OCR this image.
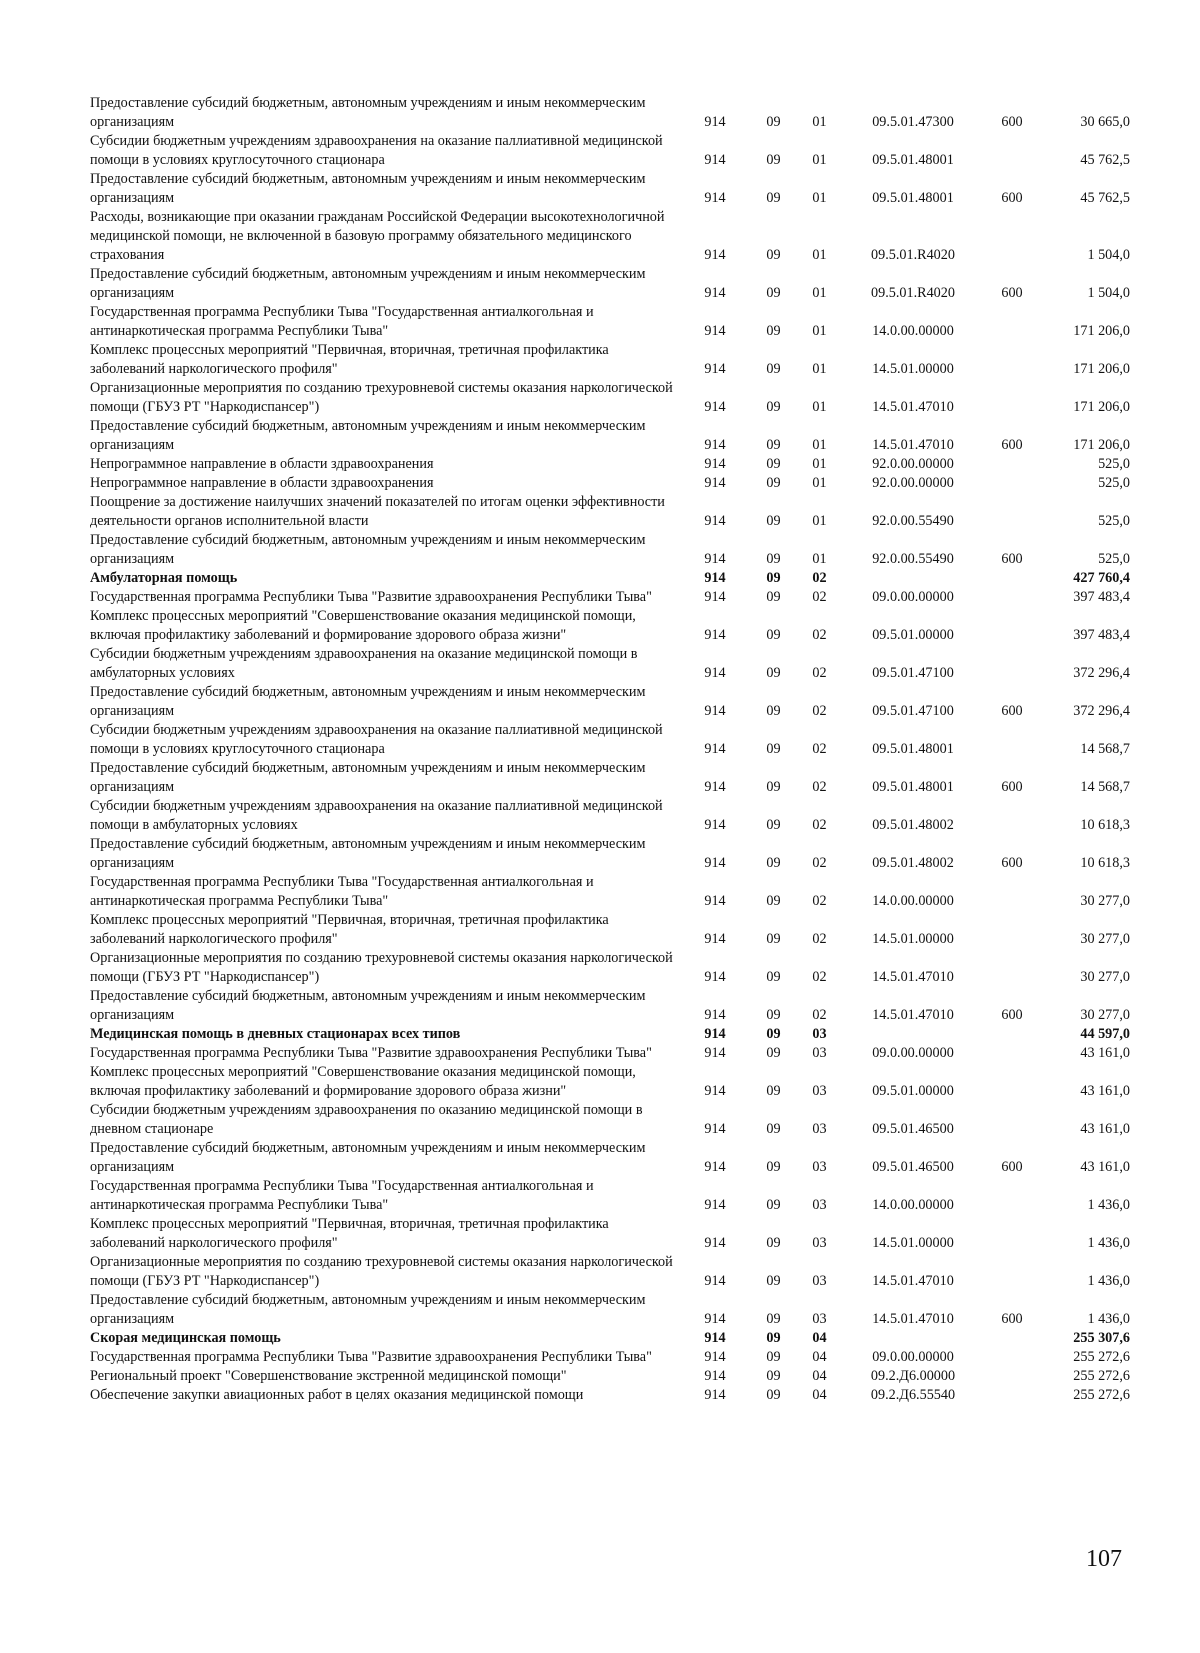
Предоставление субсидий бюджетным, автономным учреждениям и иным некоммерческим организациям	914	09	01	09.5.01.47300	600	30 665,0
Субсидии бюджетным учреждениям здравоохранения на оказание паллиативной медицинской помощи в условиях круглосуточного стационара	914	09	01	09.5.01.48001		45 762,5
Предоставление субсидий бюджетным, автономным учреждениям и иным некоммерческим организациям	914	09	01	09.5.01.48001	600	45 762,5
Расходы, возникающие при оказании гражданам Российской Федерации высокотехнологичной медицинской помощи, не включенной в базовую программу обязательного медицинского страхования	914	09	01	09.5.01.R4020		1 504,0
Предоставление субсидий бюджетным, автономным учреждениям и иным некоммерческим организациям	914	09	01	09.5.01.R4020	600	1 504,0
Государственная программа Республики Тыва "Государственная антиалкогольная и антинаркотическая программа Республики Тыва"	914	09	01	14.0.00.00000		171 206,0
Комплекс процессных мероприятий "Первичная, вторичная, третичная профилактика заболеваний наркологического профиля"	914	09	01	14.5.01.00000		171 206,0
Организационные мероприятия по созданию трехуровневой системы оказания наркологической помощи (ГБУЗ РТ "Наркодиспансер")	914	09	01	14.5.01.47010		171 206,0
Предоставление субсидий бюджетным, автономным учреждениям и иным некоммерческим организациям	914	09	01	14.5.01.47010	600	171 206,0
Непрограммное направление в области здравоохранения	914	09	01	92.0.00.00000		525,0
Непрограммное направление в области здравоохранения	914	09	01	92.0.00.00000		525,0
Поощрение за достижение наилучших значений показателей по итогам оценки эффективности деятельности органов исполнительной власти	914	09	01	92.0.00.55490		525,0
Предоставление субсидий бюджетным, автономным учреждениям и иным некоммерческим организациям	914	09	01	92.0.00.55490	600	525,0
Амбулаторная помощь	914	09	02			427 760,4
Государственная программа Республики Тыва "Развитие здравоохранения Республики Тыва"	914	09	02	09.0.00.00000		397 483,4
Комплекс процессных мероприятий "Совершенствование оказания медицинской помощи, включая профилактику заболеваний и формирование здорового образа жизни"	914	09	02	09.5.01.00000		397 483,4
Субсидии бюджетным учреждениям здравоохранения на оказание медицинской помощи в амбулаторных условиях	914	09	02	09.5.01.47100		372 296,4
Предоставление субсидий бюджетным, автономным учреждениям и иным некоммерческим организациям	914	09	02	09.5.01.47100	600	372 296,4
Субсидии бюджетным учреждениям здравоохранения на оказание паллиативной медицинской помощи в условиях круглосуточного стационара	914	09	02	09.5.01.48001		14 568,7
Предоставление субсидий бюджетным, автономным учреждениям и иным некоммерческим организациям	914	09	02	09.5.01.48001	600	14 568,7
Субсидии бюджетным учреждениям здравоохранения на оказание паллиативной медицинской помощи в амбулаторных условиях	914	09	02	09.5.01.48002		10 618,3
Предоставление субсидий бюджетным, автономным учреждениям и иным некоммерческим организациям	914	09	02	09.5.01.48002	600	10 618,3
Государственная программа Республики Тыва "Государственная антиалкогольная и антинаркотическая программа Республики Тыва"	914	09	02	14.0.00.00000		30 277,0
Комплекс процессных мероприятий "Первичная, вторичная, третичная профилактика заболеваний наркологического профиля"	914	09	02	14.5.01.00000		30 277,0
Организационные мероприятия по созданию трехуровневой системы оказания наркологической помощи (ГБУЗ РТ "Наркодиспансер")	914	09	02	14.5.01.47010		30 277,0
Предоставление субсидий бюджетным, автономным учреждениям и иным некоммерческим организациям	914	09	02	14.5.01.47010	600	30 277,0
Медицинская помощь в дневных стационарах всех типов	914	09	03			44 597,0
Государственная программа Республики Тыва "Развитие здравоохранения Республики Тыва"	914	09	03	09.0.00.00000		43 161,0
Комплекс процессных мероприятий "Совершенствование оказания медицинской помощи, включая профилактику заболеваний и формирование здорового образа жизни"	914	09	03	09.5.01.00000		43 161,0
Субсидии бюджетным учреждениям здравоохранения по оказанию медицинской помощи в дневном стационаре	914	09	03	09.5.01.46500		43 161,0
Предоставление субсидий бюджетным, автономным учреждениям и иным некоммерческим организациям	914	09	03	09.5.01.46500	600	43 161,0
Государственная программа Республики Тыва "Государственная антиалкогольная и антинаркотическая программа Республики Тыва"	914	09	03	14.0.00.00000		1 436,0
Комплекс процессных мероприятий "Первичная, вторичная, третичная профилактика заболеваний наркологического профиля"	914	09	03	14.5.01.00000		1 436,0
Организационные мероприятия по созданию трехуровневой системы оказания наркологической помощи (ГБУЗ РТ "Наркодиспансер")	914	09	03	14.5.01.47010		1 436,0
Предоставление субсидий бюджетным, автономным учреждениям и иным некоммерческим организациям	914	09	03	14.5.01.47010	600	1 436,0
Скорая медицинская помощь	914	09	04			255 307,6
Государственная программа Республики Тыва "Развитие здравоохранения Республики Тыва"	914	09	04	09.0.00.00000		255 272,6
Региональный проект "Совершенствование экстренной медицинской помощи"	914	09	04	09.2.Д6.00000		255 272,6
Обеспечение закупки авиационных работ в целях оказания медицинской помощи	914	09	04	09.2.Д6.55540		255 272,6
107
